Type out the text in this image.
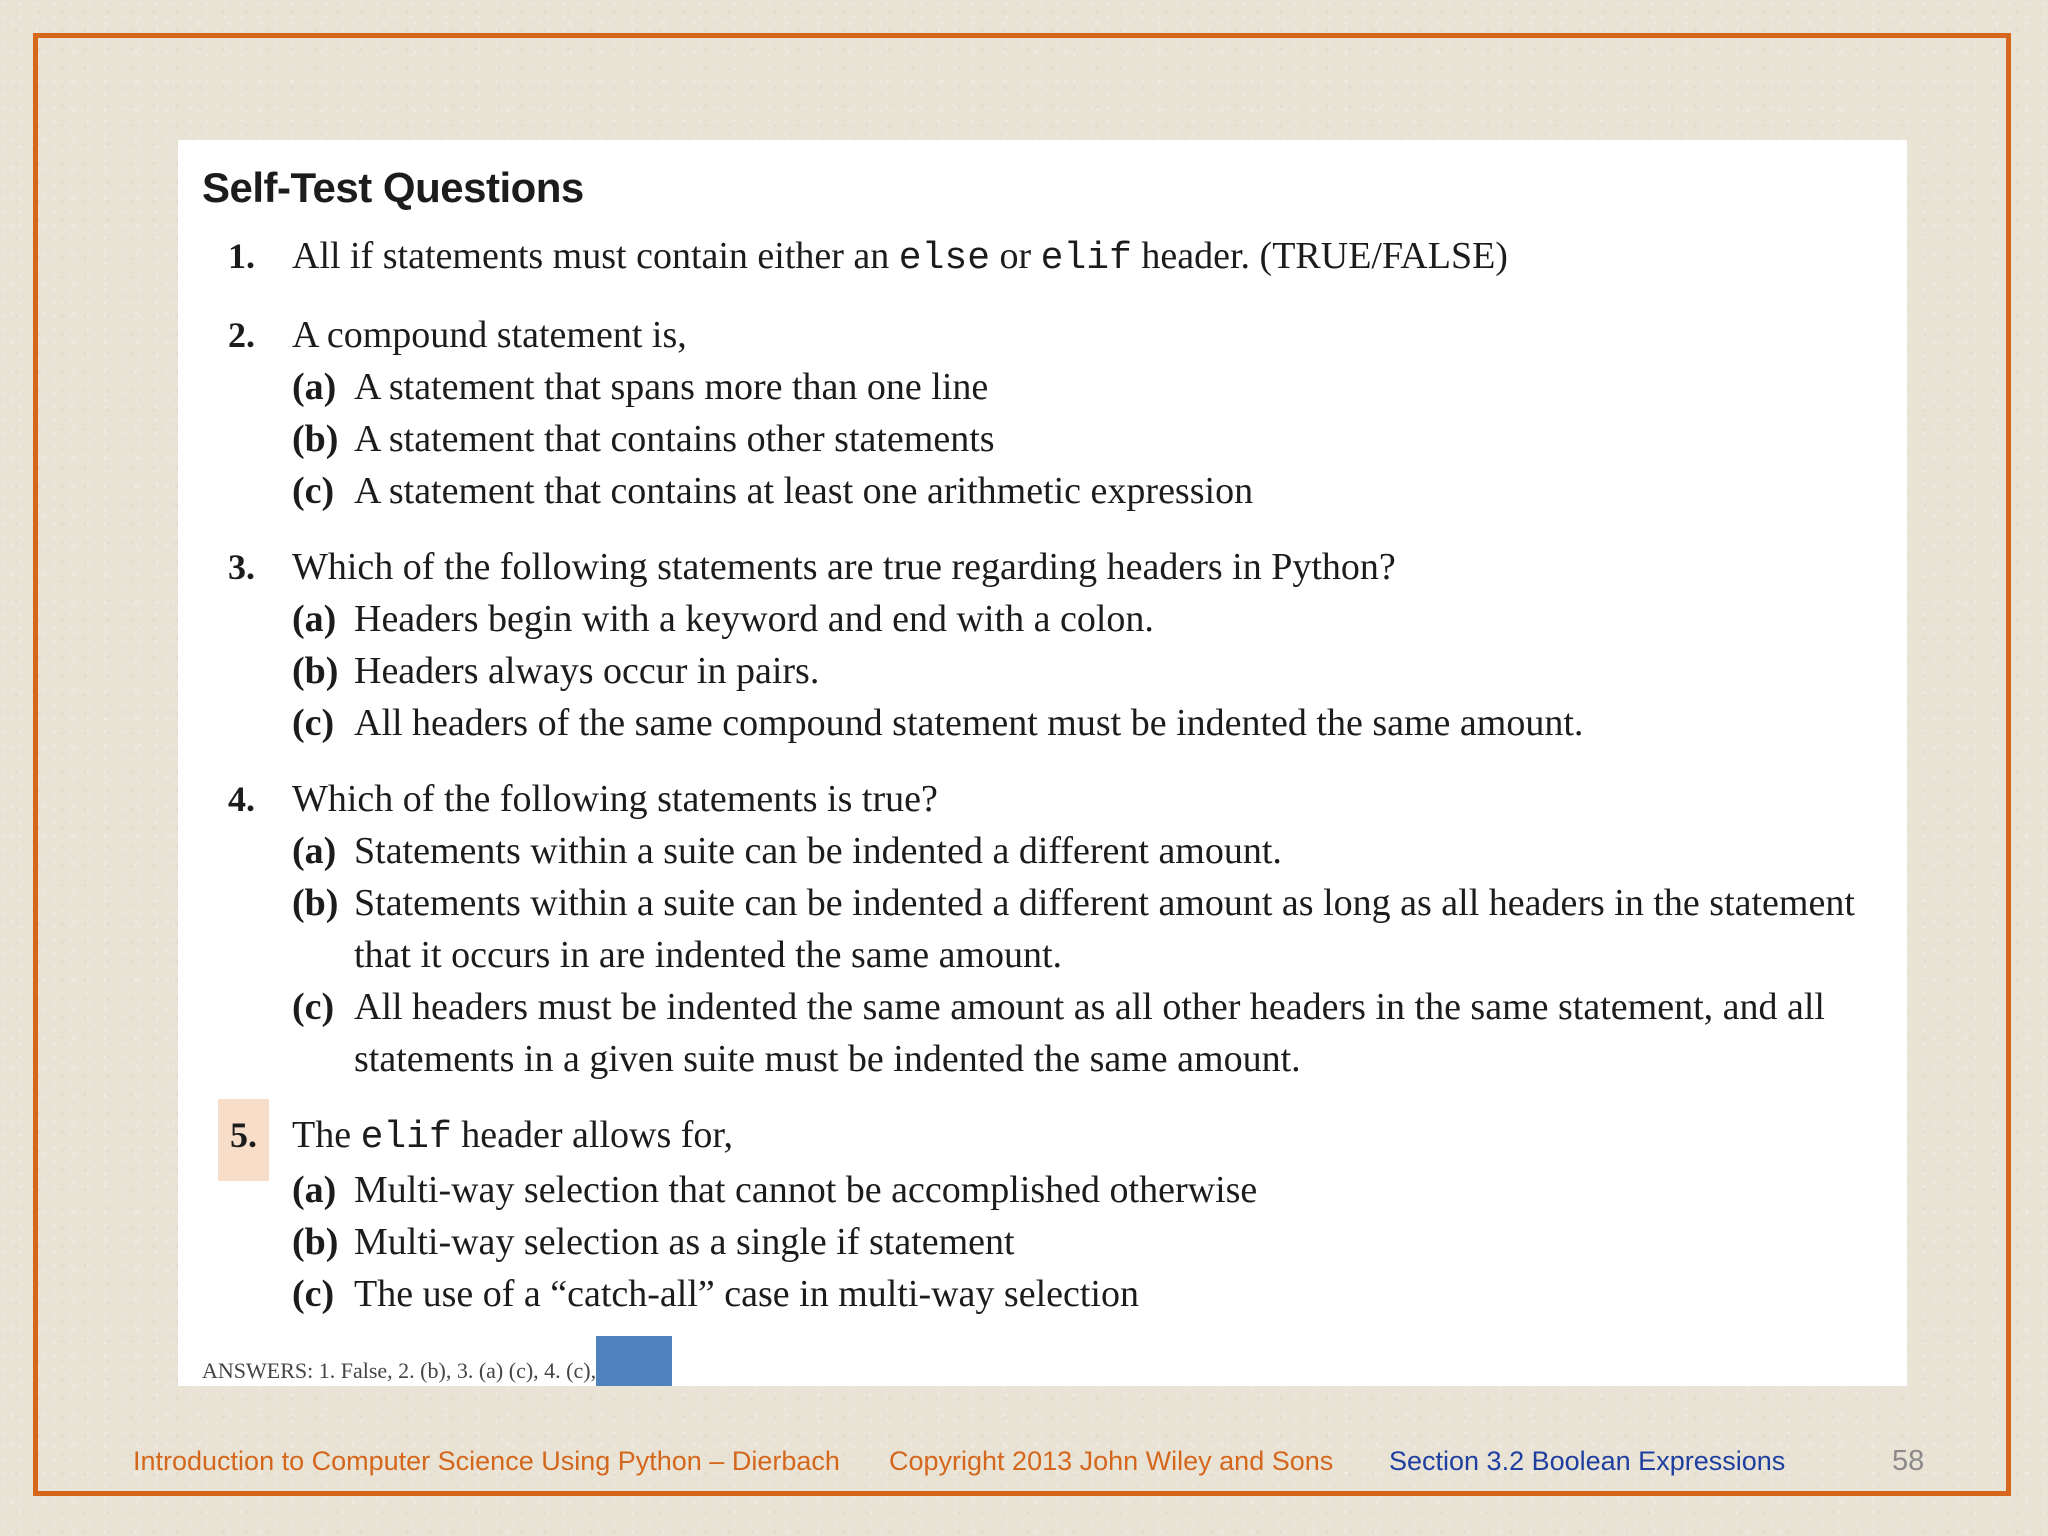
Self-Test Questions
1. All if statements must contain either an else or elif header. (TRUE/FALSE)
2. A compound statement is,
(a) A statement that spans more than one line
(b) A statement that contains other statements
(c) A statement that contains at least one arithmetic expression
3. Which of the following statements are true regarding headers in Python?
(a) Headers begin with a keyword and end with a colon.
(b) Headers always occur in pairs.
(c) All headers of the same compound statement must be indented the same amount.
4. Which of the following statements is true?
(a) Statements within a suite can be indented a different amount.
(b) Statements within a suite can be indented a different amount as long as all headers in the statement that it occurs in are indented the same amount.
(c) All headers must be indented the same amount as all other headers in the same statement, and all statements in a given suite must be indented the same amount.
5. The elif header allows for,
(a) Multi-way selection that cannot be accomplished otherwise
(b) Multi-way selection as a single if statement
(c) The use of a “catch-all” case in multi-way selection
ANSWERS: 1. False, 2. (b), 3. (a) (c), 4. (c),
Introduction to Computer Science Using Python – Dierbach Copyright 2013 John Wiley and Sons Section 3.2 Boolean Expressions	58
